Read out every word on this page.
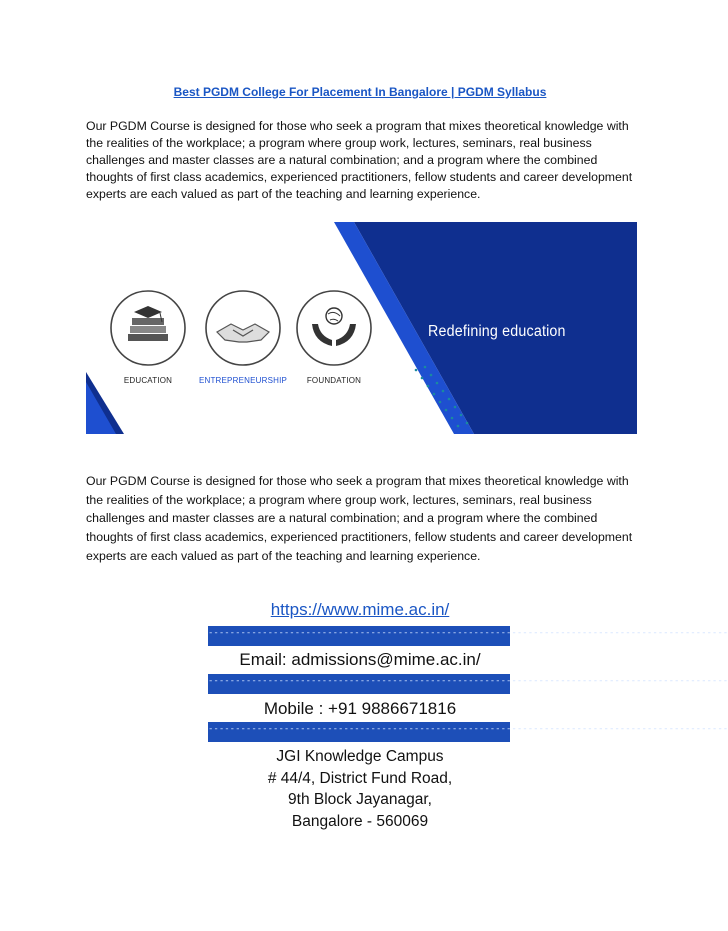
Best PGDM College For Placement In Bangalore | PGDM Syllabus

Our PGDM Course is designed for those who seek a program that mixes theoretical knowledge with the realities of the workplace; a program where group work, lectures, seminars, real business challenges and master classes are a natural combination; and a program where the combined thoughts of first class academics, experienced practitioners, fellow students and career development experts are each valued as part of the teaching and learning experience.

EDUCATION	ENTREPRENEURSHIP	FOUNDATION
Redefining education

Our PGDM Course is designed for those who seek a program that mixes theoretical knowledge with the realities of the workplace; a program where group work, lectures, seminars, real business challenges and master classes are a natural combination; and a program where the combined thoughts of first class academics, experienced practitioners, fellow students and career development experts are each valued as part of the teaching and learning experience.

https://www.mime.ac.in/
------------------------------------------------------------------------------------------------
Email: admissions@mime.ac.in/
------------------------------------------------------------------------------------------------
Mobile : +91 9886671816
------------------------------------------------------------------------------------------------
JGI Knowledge Campus
# 44/4, District Fund Road,
9th Block Jayanagar,
Bangalore - 560069
